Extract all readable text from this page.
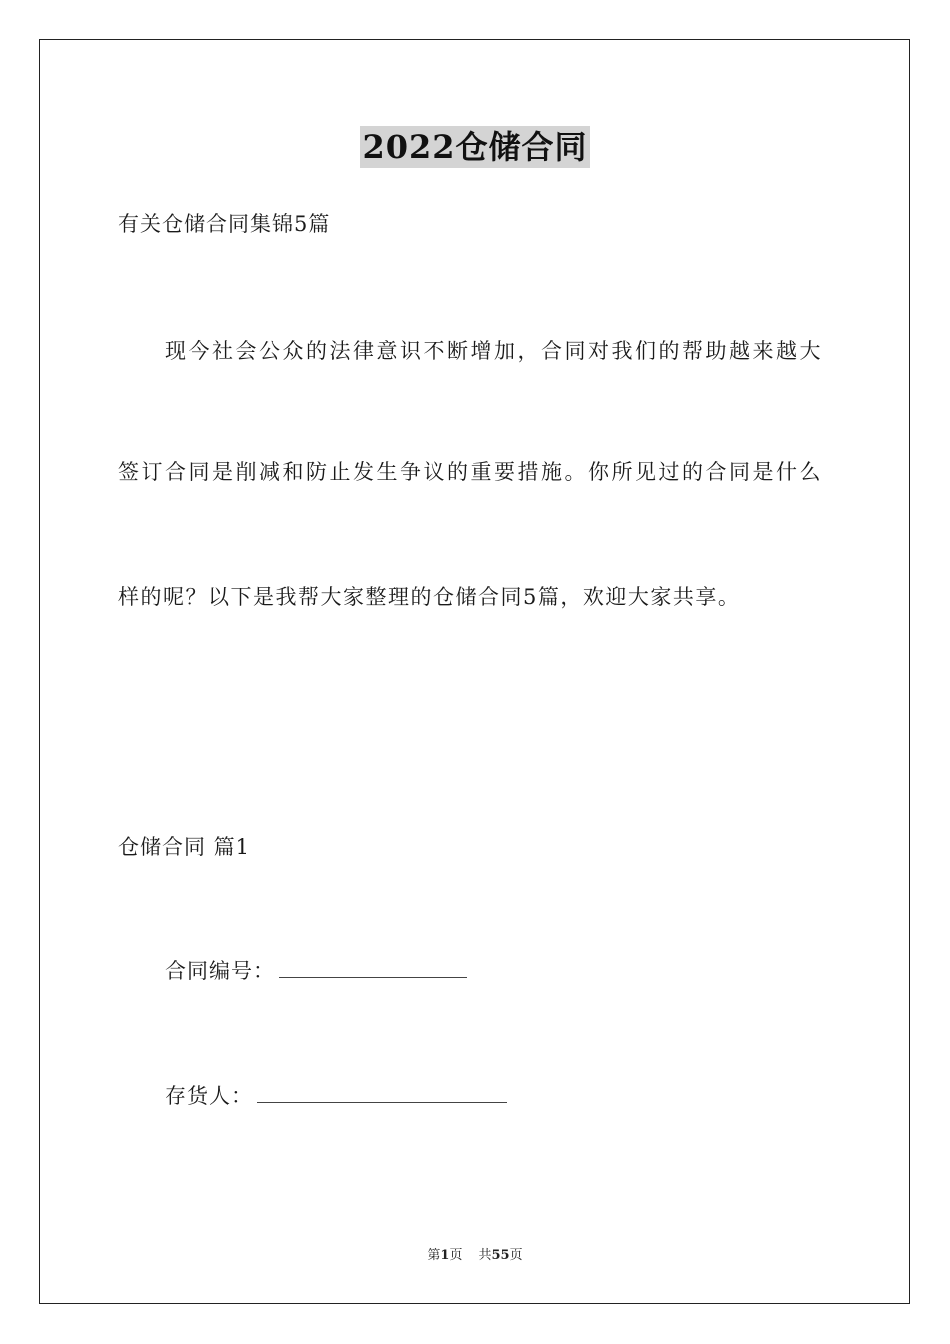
2022仓储合同
有关仓储合同集锦5篇
现今社会公众的法律意识不断增加，合同对我们的帮助越来越大
签订合同是削减和防止发生争议的重要措施。你所见过的合同是什么
样的呢？以下是我帮大家整理的仓储合同5篇，欢迎大家共享。
仓储合同 篇1
合同编号：
存货人：
第1页 共55页
